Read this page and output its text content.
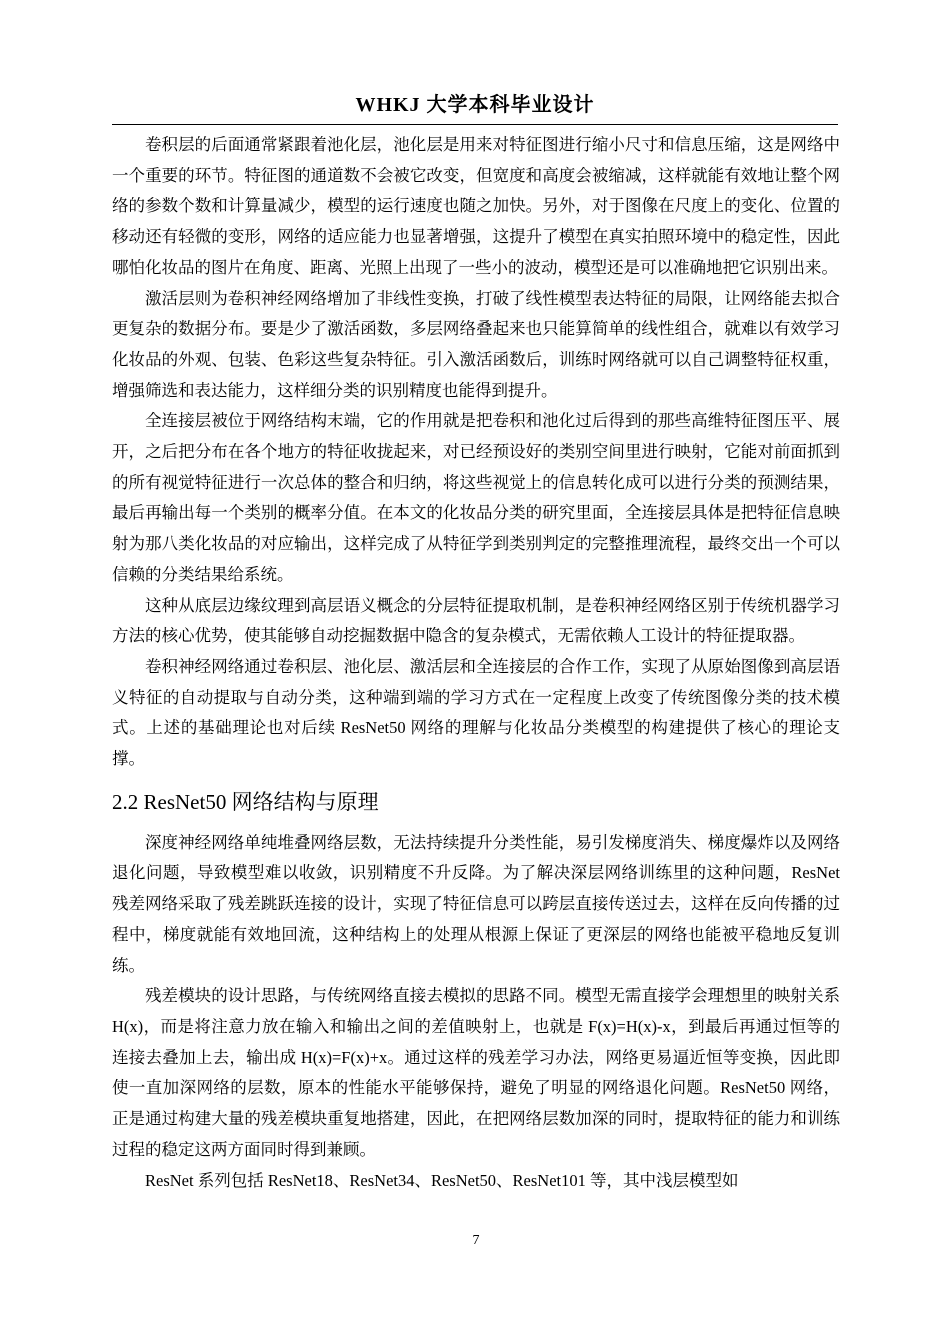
WHKJ 大学本科毕业设计

卷积层的后面通常紧跟着池化层，池化层是用来对特征图进行缩小尺寸和信息压缩，这是网络中一个重要的环节。特征图的通道数不会被它改变，但宽度和高度会被缩减，这样就能有效地让整个网络的参数个数和计算量减少，模型的运行速度也随之加快。另外，对于图像在尺度上的变化、位置的移动还有轻微的变形，网络的适应能力也显著增强，这提升了模型在真实拍照环境中的稳定性，因此哪怕化妆品的图片在角度、距离、光照上出现了一些小的波动，模型还是可以准确地把它识别出来。

激活层则为卷积神经网络增加了非线性变换，打破了线性模型表达特征的局限，让网络能去拟合更复杂的数据分布。要是少了激活函数，多层网络叠起来也只能算简单的线性组合，就难以有效学习化妆品的外观、包装、色彩这些复杂特征。引入激活函数后，训练时网络就可以自己调整特征权重，增强筛选和表达能力，这样细分类的识别精度也能得到提升。

全连接层被位于网络结构末端，它的作用就是把卷积和池化过后得到的那些高维特征图压平、展开，之后把分布在各个地方的特征收拢起来，对已经预设好的类别空间里进行映射，它能对前面抓到的所有视觉特征进行一次总体的整合和归纳，将这些视觉上的信息转化成可以进行分类的预测结果，最后再输出每一个类别的概率分值。在本文的化妆品分类的研究里面，全连接层具体是把特征信息映射为那八类化妆品的对应输出，这样完成了从特征学到类别判定的完整推理流程，最终交出一个可以信赖的分类结果给系统。

这种从底层边缘纹理到高层语义概念的分层特征提取机制，是卷积神经网络区别于传统机器学习方法的核心优势，使其能够自动挖掘数据中隐含的复杂模式，无需依赖人工设计的特征提取器。

卷积神经网络通过卷积层、池化层、激活层和全连接层的合作工作，实现了从原始图像到高层语义特征的自动提取与自动分类，这种端到端的学习方式在一定程度上改变了传统图像分类的技术模式。上述的基础理论也对后续 ResNet50 网络的理解与化妆品分类模型的构建提供了核心的理论支撑。

2.2 ResNet50 网络结构与原理

深度神经网络单纯堆叠网络层数，无法持续提升分类性能，易引发梯度消失、梯度爆炸以及网络退化问题，导致模型难以收敛，识别精度不升反降。为了解决深层网络训练里的这种问题，ResNet 残差网络采取了残差跳跃连接的设计，实现了特征信息可以跨层直接传送过去，这样在反向传播的过程中，梯度就能有效地回流，这种结构上的处理从根源上保证了更深层的网络也能被平稳地反复训练。

残差模块的设计思路，与传统网络直接去模拟的思路不同。模型无需直接学会理想里的映射关系 H(x)，而是将注意力放在输入和输出之间的差值映射上，也就是 F(x)=H(x)-x，到最后再通过恒等的连接去叠加上去，输出成 H(x)=F(x)+x。通过这样的残差学习办法，网络更易逼近恒等变换，因此即使一直加深网络的层数，原本的性能水平能够保持，避免了明显的网络退化问题。ResNet50 网络，正是通过构建大量的残差模块重复地搭建，因此，在把网络层数加深的同时，提取特征的能力和训练过程的稳定这两方面同时得到兼顾。

ResNet 系列包括 ResNet18、ResNet34、ResNet50、ResNet101 等，其中浅层模型如

7
